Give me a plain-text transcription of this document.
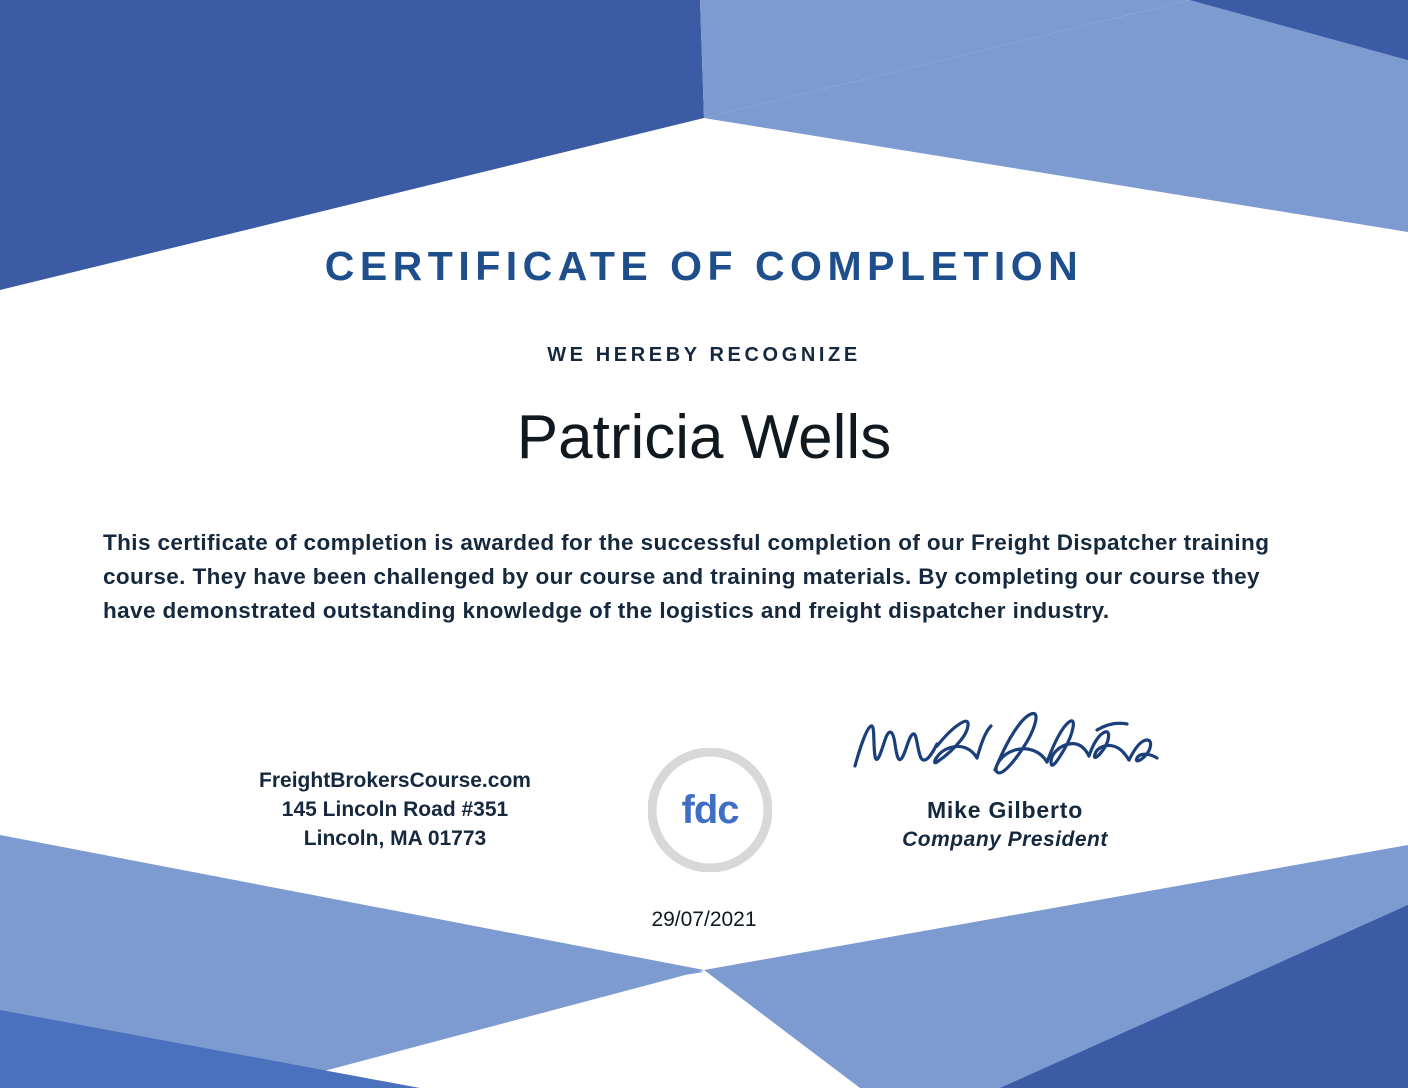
CERTIFICATE OF COMPLETION
WE HEREBY RECOGNIZE
Patricia Wells
This certificate of completion is awarded for the successful completion of our Freight Dispatcher training course. They have been challenged by our course and training materials. By completing our course they have demonstrated outstanding knowledge of the logistics and freight dispatcher industry.
FreightBrokersCourse.com
145 Lincoln Road #351
Lincoln, MA 01773
fdc	Mike Gilberto
Company President
29/07/2021
